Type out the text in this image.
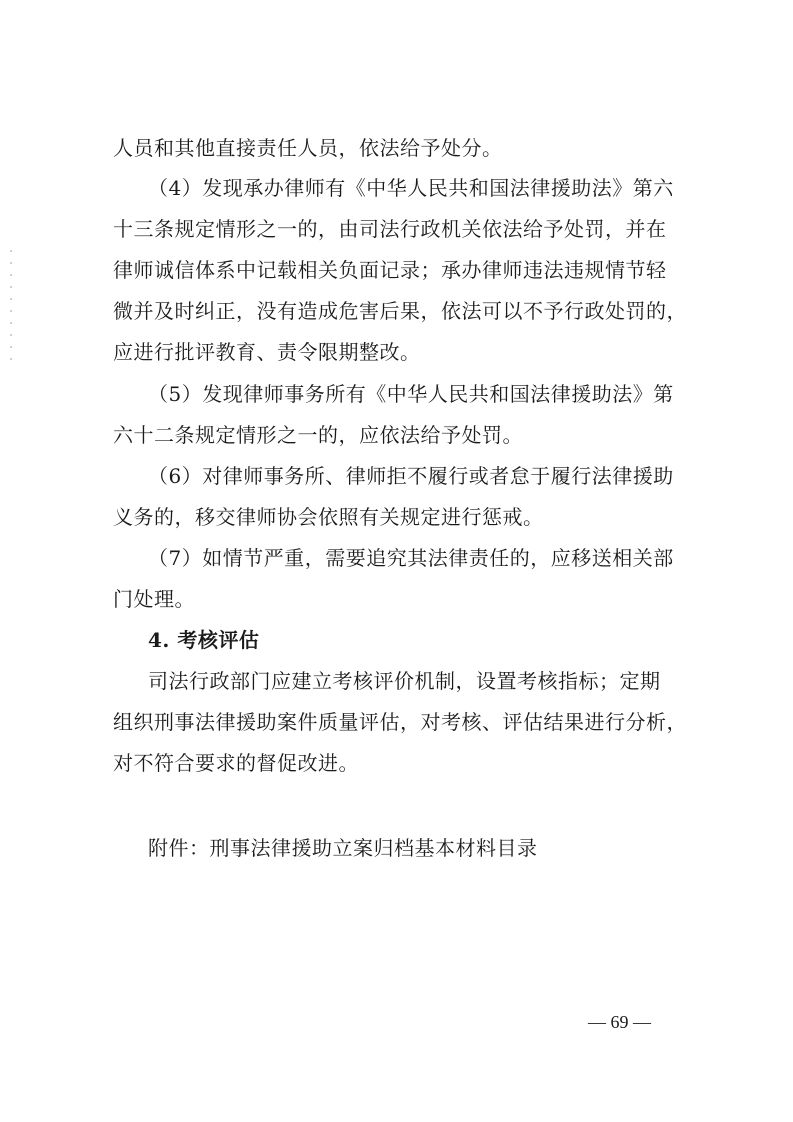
人员和其他直接责任人员，依法给予处分。
（4）发现承办律师有《中华人民共和国法律援助法》第六
十三条规定情形之一的，由司法行政机关依法给予处罚，并在
律师诚信体系中记载相关负面记录；承办律师违法违规情节轻
微并及时纠正，没有造成危害后果，依法可以不予行政处罚的，
应进行批评教育、责令限期整改。
（5）发现律师事务所有《中华人民共和国法律援助法》第
六十二条规定情形之一的，应依法给予处罚。
（6）对律师事务所、律师拒不履行或者怠于履行法律援助
义务的，移交律师协会依照有关规定进行惩戒。
（7）如情节严重，需要追究其法律责任的，应移送相关部
门处理。
4. 考核评估
司法行政部门应建立考核评价机制，设置考核指标；定期
组织刑事法律援助案件质量评估，对考核、评估结果进行分析，
对不符合要求的督促改进。
附件：刑事法律援助立案归档基本材料目录
— 69 —
